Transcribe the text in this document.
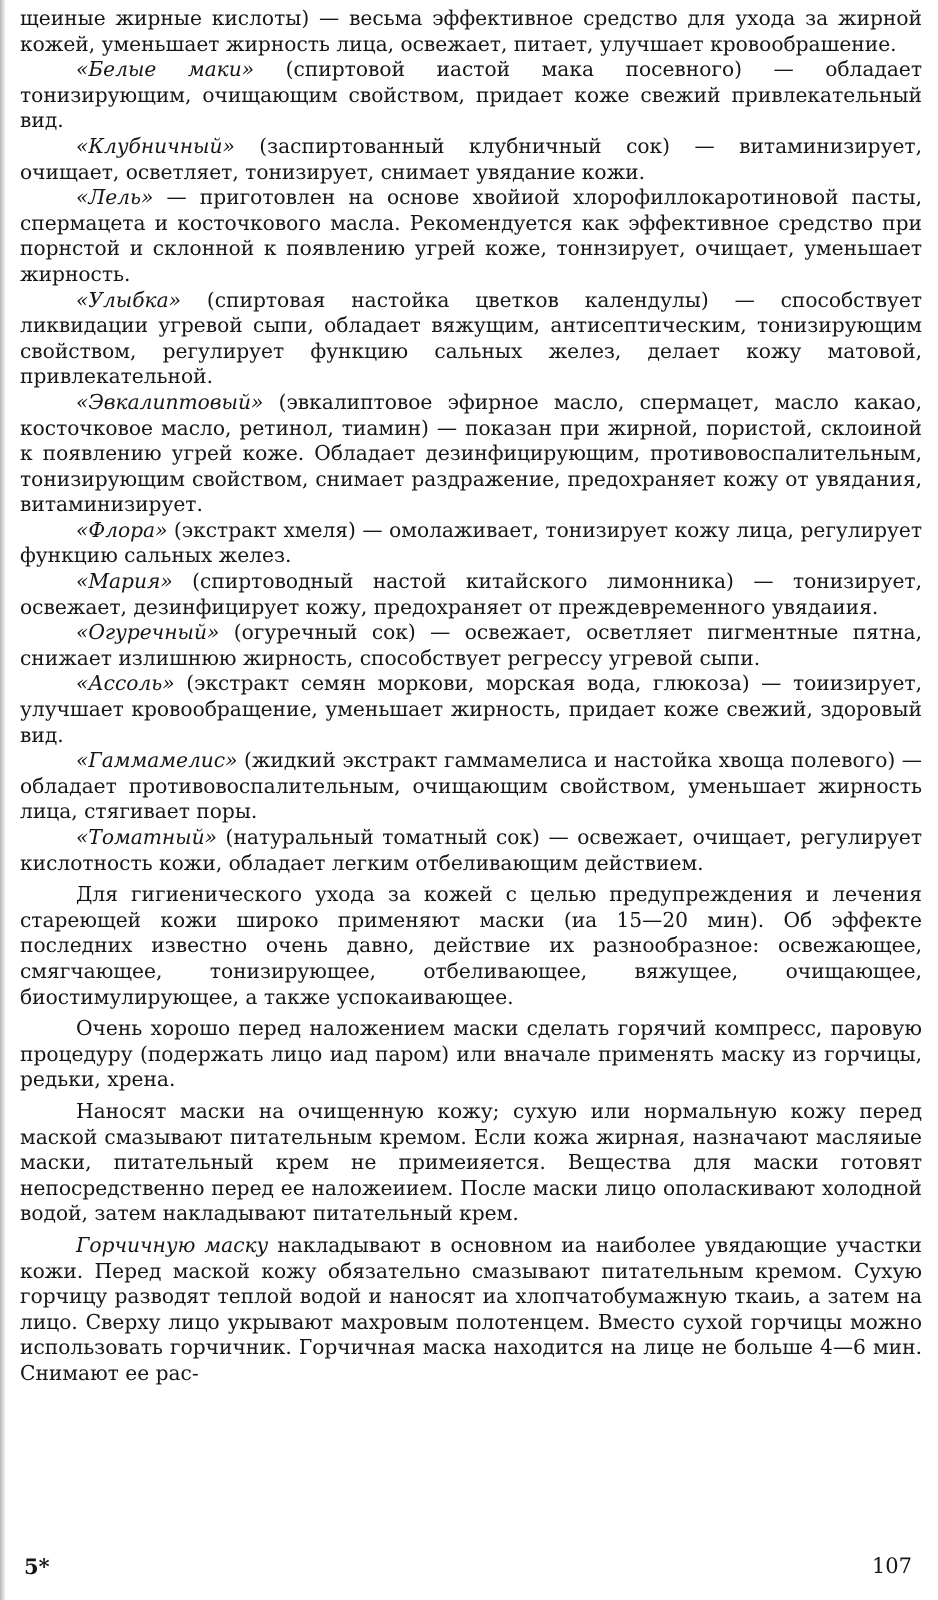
щеиные жирные кислоты) — весьма эффективное средство для ухода за жирной кожей, уменьшает жирность лица, освежает, питает, улучшает кровообрашение.

«Белые маки» (спиртовой иастой мака посевного) — обладает тонизирующим, очищающим свойством, придает коже свежий привлекательный вид.

«Клубничный» (заспиртованный клубничный сок) — витаминизирует, очищает, осветляет, тонизирует, снимает увядание кожи.

«Лель» — приготовлен на основе хвойиой хлорофиллокаротиновой пасты, спермацета и косточкового масла. Рекомендуется как эффективное средство при порнстой и склонной к появлению угрей коже, тоннзирует, очищает, уменьшает жирность.

«Улыбка» (спиртовая настойка цветков календулы) — способствует ликвидации угревой сыпи, обладает вяжущим, антисептическим, тонизирующим свойством, регулирует функцию сальных желез, делает кожу матовой, привлекательной.

«Эвкалиптовый» (эвкалиптовое эфирное масло, спермацет, масло какао, косточковое масло, ретинол, тиамин) — показан при жирной, пористой, склоиной к появлению угрей коже. Обладает дезинфицирующим, противовоспалительным, тонизирующим свойством, снимает раздражение, предохраняет кожу от увядания, витаминизирует.

«Флора» (экстракт хмеля) — омолаживает, тонизирует кожу лица, регулирует функцию сальных желез.

«Мария» (спиртоводный настой китайского лимонника) — тонизирует, освежает, дезинфицирует кожу, предохраняет от преждевременного увядаиия.

«Огуречный» (огуречный сок) — освежает, осветляет пигментные пятна, снижает излишнюю жирность, способствует регрессу угревой сыпи.

«Ассоль» (экстракт семян моркови, морская вода, глюкоза) — тоиизирует, улучшает кровообращение, уменьшает жирность, придает коже свежий, здоровый вид.

«Гаммамелис» (жидкий экстракт гаммамелиса и настойка хвоща полевого) — обладает противовоспалительным, очищающим свойством, уменьшает жирность лица, стягивает поры.

«Томатный» (натуральный томатный сок) — освежает, очищает, регулирует кислотность кожи, обладает легким отбеливающим действием.

Для гигиенического ухода за кожей с целью предупреждения и лечения стареющей кожи широко применяют маски (иа 15—20 мин). Об эффекте последних известно очень давно, действие их разнообразное: освежающее, смягчающее, тонизирующее, отбеливающее, вяжущее, очищающее, биостимулирующее, а также успокаивающее.

Очень хорошо перед наложением маски сделать горячий компресс, паровую процедуру (подержать лицо иад паром) или вначале применять маску из горчицы, редьки, хрена.

Наносят маски на очищенную кожу; сухую или нормальную кожу перед маской смазывают питательным кремом. Если кожа жирная, назначают масляиые маски, питательный крем не примеияется. Вещества для маски готовят непосредственно перед ее наложеиием. После маски лицо ополаскивают холодной водой, затем накладывают питательный крем.

Горчичную маску накладывают в основном иа наиболее увядающие участки кожи. Перед маской кожу обязательно смазывают питательным кремом. Сухую горчицу разводят теплой водой и наносят иа хлопчатобумажную ткаиь, а затем на лицо. Сверху лицо укрывают махровым полотенцем. Вместо сухой горчицы можно использовать горчичник. Горчичная маска находится на лице не больше 4—6 мин. Снимают ее рас-

5*	107
